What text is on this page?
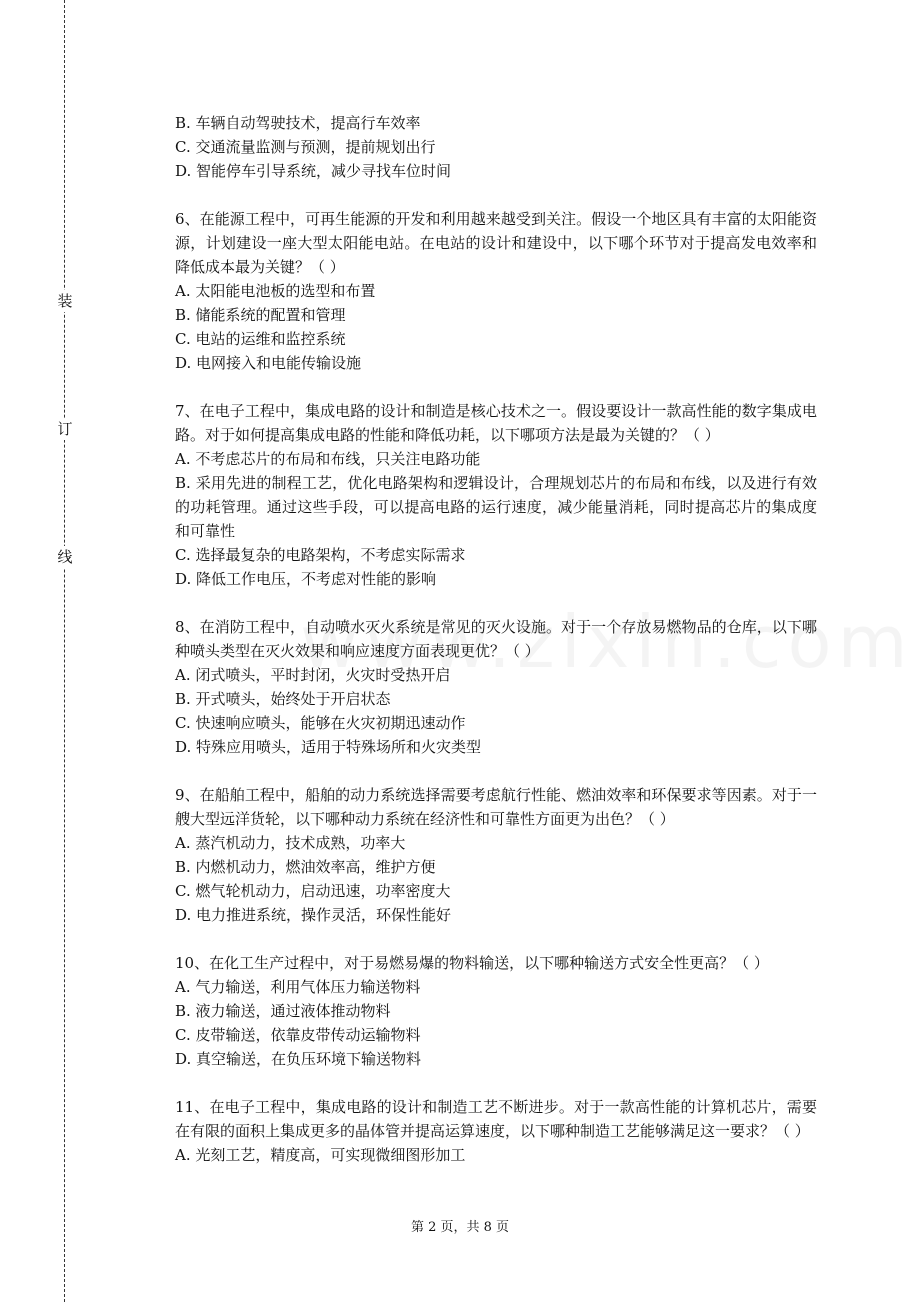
装
订
线

B. 车辆自动驾驶技术，提高行车效率

C. 交通流量监测与预测，提前规划出行

D. 智能停车引导系统，减少寻找车位时间

6、在能源工程中，可再生能源的开发和利用越来越受到关注。假设一个地区具有丰富的太阳能资源，计划建设一座大型太阳能电站。在电站的设计和建设中，以下哪个环节对于提高发电效率和降低成本最为关键？（ ）

A. 太阳能电池板的选型和布置

B. 储能系统的配置和管理

C. 电站的运维和监控系统

D. 电网接入和电能传输设施

7、在电子工程中，集成电路的设计和制造是核心技术之一。假设要设计一款高性能的数字集成电路。对于如何提高集成电路的性能和降低功耗，以下哪项方法是最为关键的？（ ）

A. 不考虑芯片的布局和布线，只关注电路功能

B. 采用先进的制程工艺，优化电路架构和逻辑设计，合理规划芯片的布局和布线，以及进行有效的功耗管理。通过这些手段，可以提高电路的运行速度，减少能量消耗，同时提高芯片的集成度和可靠性

C. 选择最复杂的电路架构，不考虑实际需求

D. 降低工作电压，不考虑对性能的影响

8、在消防工程中，自动喷水灭火系统是常见的灭火设施。对于一个存放易燃物品的仓库，以下哪种喷头类型在灭火效果和响应速度方面表现更优？（ ）

A. 闭式喷头，平时封闭，火灾时受热开启

B. 开式喷头，始终处于开启状态

C. 快速响应喷头，能够在火灾初期迅速动作

D. 特殊应用喷头，适用于特殊场所和火灾类型

9、在船舶工程中，船舶的动力系统选择需要考虑航行性能、燃油效率和环保要求等因素。对于一艘大型远洋货轮，以下哪种动力系统在经济性和可靠性方面更为出色？（ ）

A. 蒸汽机动力，技术成熟，功率大

B. 内燃机动力，燃油效率高，维护方便

C. 燃气轮机动力，启动迅速，功率密度大

D. 电力推进系统，操作灵活，环保性能好

10、在化工生产过程中，对于易燃易爆的物料输送，以下哪种输送方式安全性更高？（ ）

A. 气力输送，利用气体压力输送物料

B. 液力输送，通过液体推动物料

C. 皮带输送，依靠皮带传动运输物料

D. 真空输送，在负压环境下输送物料

11、在电子工程中，集成电路的设计和制造工艺不断进步。对于一款高性能的计算机芯片，需要在有限的面积上集成更多的晶体管并提高运算速度，以下哪种制造工艺能够满足这一要求？（ ）

A. 光刻工艺，精度高，可实现微细图形加工

第 2 页，共 8 页
